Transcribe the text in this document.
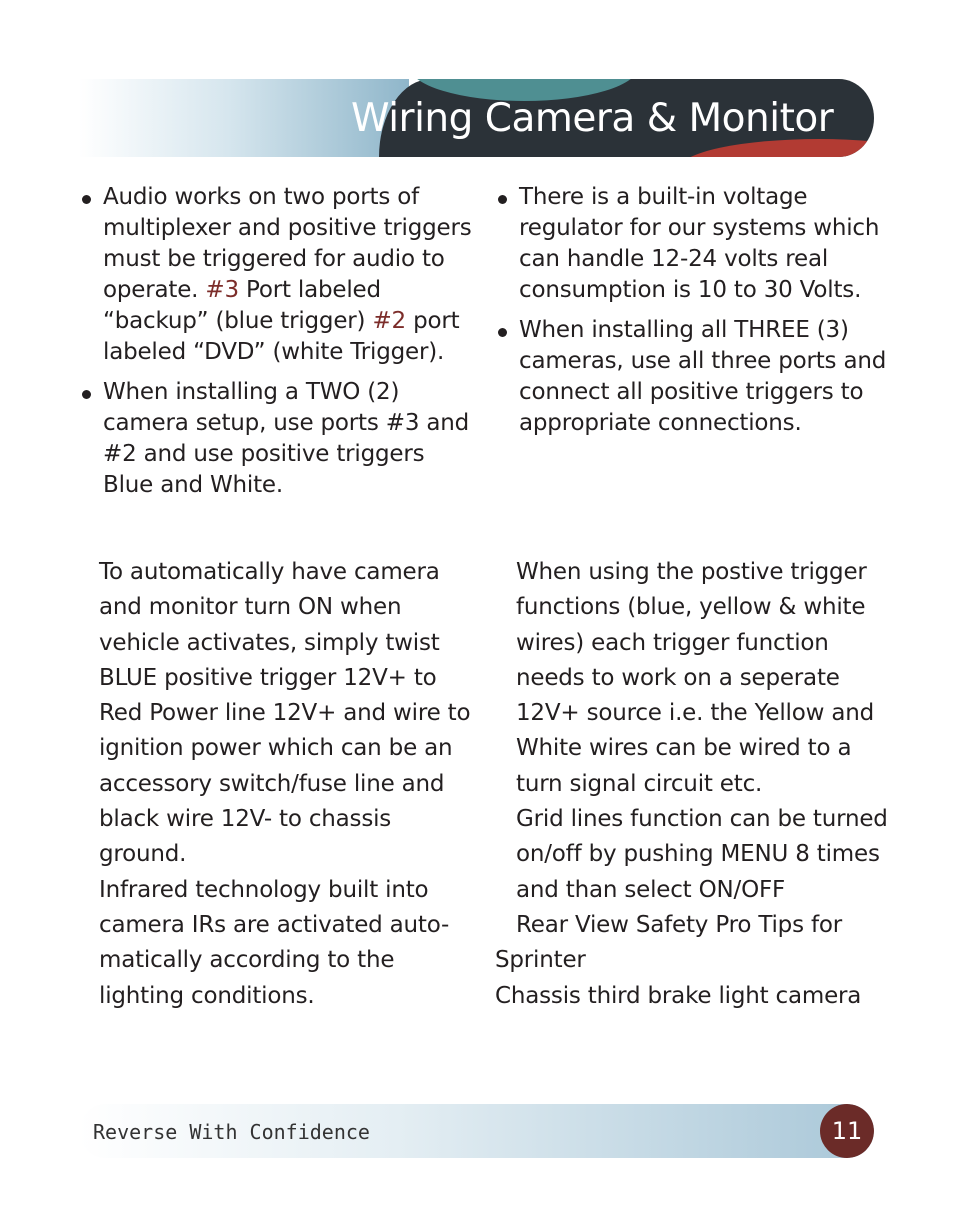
Wiring Camera & Monitor
Audio works on two ports of multiplexer and positive triggers must be triggered for audio to operate. #3 Port labeled “backup” (blue trigger) #2 port labeled “DVD” (white Trigger).
When installing a TWO (2) camera setup, use ports #3 and #2 and use positive triggers Blue and White.
There is a built-in voltage regulator for our systems which can handle 12-24 volts real consumption is 10 to 30 Volts.
When installing all THREE (3) cameras, use all three ports and connect all positive triggers to appropriate connections.

To automatically have camera and monitor turn ON when vehicle activates, simply twist BLUE positive trigger 12V+ to Red Power line 12V+ and wire to ignition power which can be an accessory switch/fuse line and black wire 12V- to chassis ground.

Infrared technology built into camera IRs are activated auto-matically according to the lighting conditions.

When using the postive trigger functions (blue, yellow & white wires) each trigger function needs to work on a seperate 12V+ source i.e. the Yellow and White wires can be wired to a turn signal circuit etc.

Grid lines function can be turned on/off by pushing MENU 8 times and than select ON/OFF

Rear View Safety Pro Tips for

Sprinter

Chassis third brake light camera

Reverse With Confidence	11
